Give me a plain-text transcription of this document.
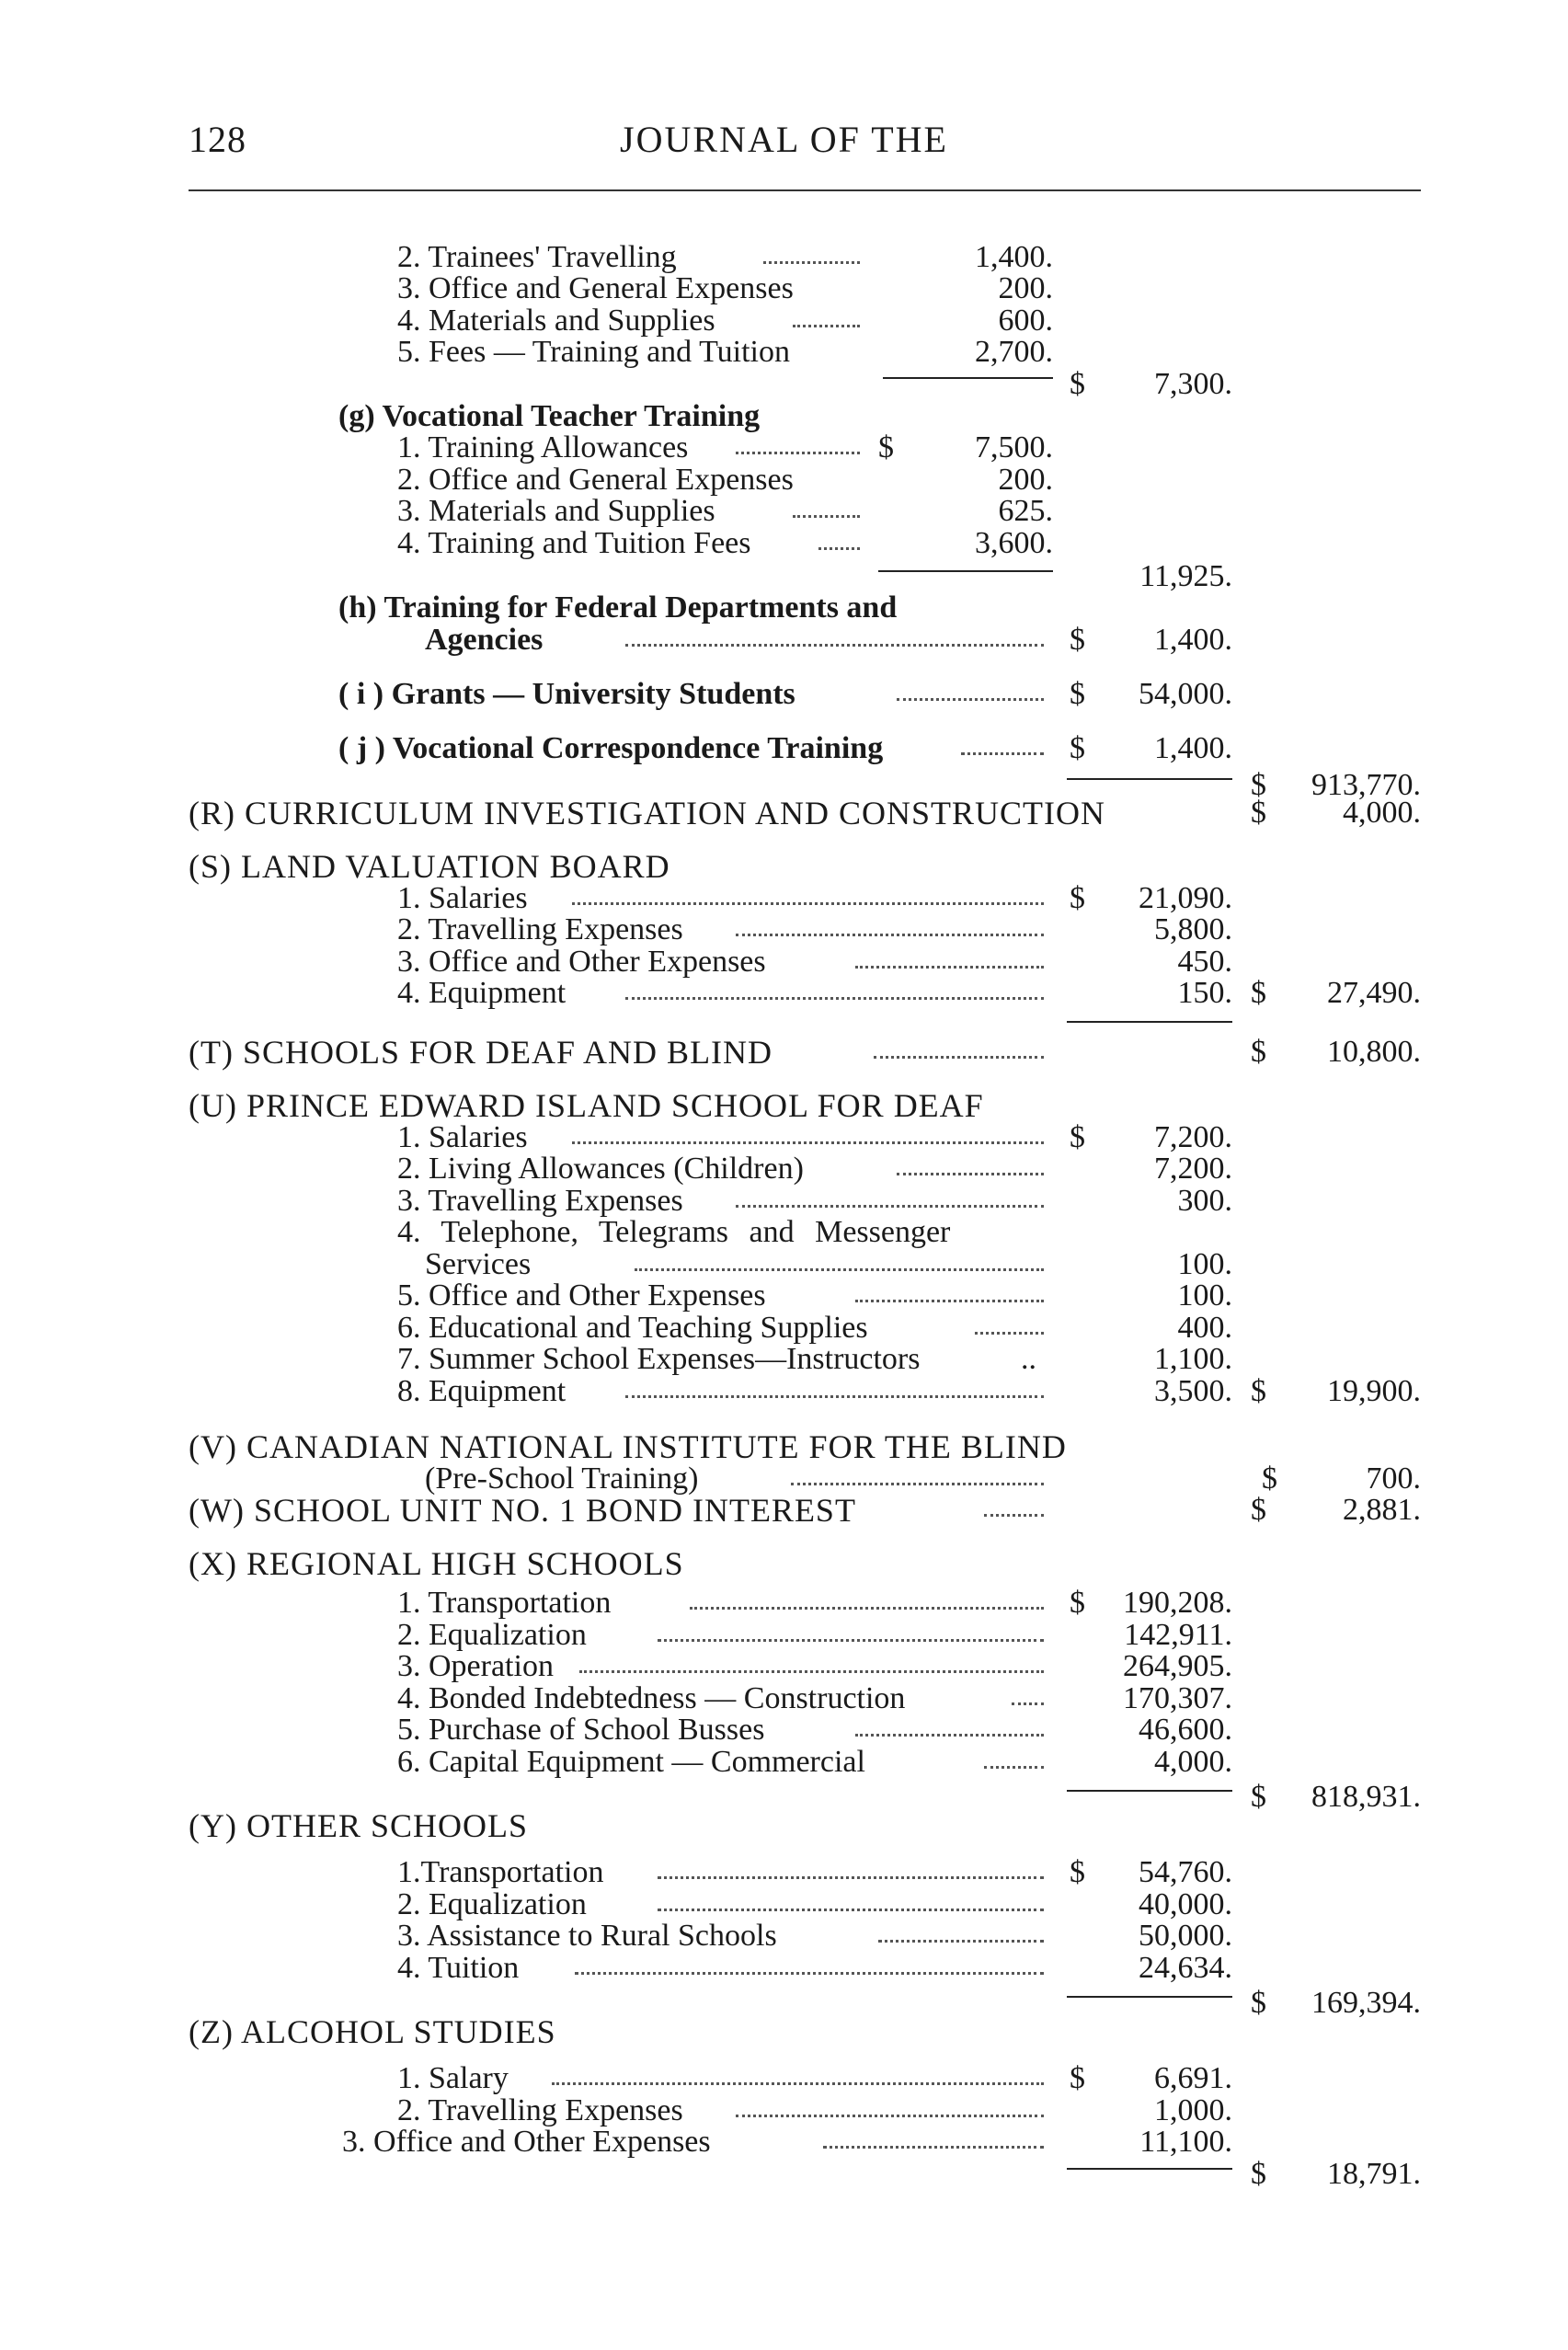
128	JOURNAL OF THE
2. Trainees' Travelling	1,400.
3. Office and General Expenses	200.
4. Materials and Supplies	600.
5. Fees — Training and Tuition	2,700.
$ 7,300.
(g) Vocational Teacher Training
1. Training Allowances	$	7,500.
2. Office and General Expenses	200.
3. Materials and Supplies	625.
4. Training and Tuition Fees	3,600.
11,925.
(h) Training for Federal Departments and
Agencies	$ 1,400.
( i ) Grants — University Students	$ 54,000.
( j ) Vocational Correspondence Training	$ 1,400.
$ 913,770.
(R) CURRICULUM INVESTIGATION AND CONSTRUCTION	$ 4,000.
(S) LAND VALUATION BOARD
1. Salaries	$ 21,090.
2. Travelling Expenses	5,800.
3. Office and Other Expenses	450.
4. Equipment	150. $ 27,490.
(T) SCHOOLS FOR DEAF AND BLIND	$ 10,800.
(U) PRINCE EDWARD ISLAND SCHOOL FOR DEAF
1. Salaries	$ 7,200.
2. Living Allowances (Children)	7,200.
3. Travelling Expenses	300.
4. Telephone, Telegrams and Messenger
Services	100.
5. Office and Other Expenses	100.
6. Educational and Teaching Supplies	400.
7. Summer School Expenses—Instructors	..	1,100.
8. Equipment	3,500. $ 19,900.
(V) CANADIAN NATIONAL INSTITUTE FOR THE BLIND
(Pre-School Training)	$	700.
(W) SCHOOL UNIT NO. 1 BOND INTEREST	$ 2,881.
(X) REGIONAL HIGH SCHOOLS
1. Transportation	$ 190,208.
2. Equalization	142,911.
3. Operation	264,905.
4. Bonded Indebtedness — Construction	170,307.
5. Purchase of School Busses	46,600.
6. Capital Equipment — Commercial	4,000.
$ 818,931.
(Y) OTHER SCHOOLS
1.Transportation	$ 54,760.
2. Equalization	40,000.
3. Assistance to Rural Schools	50,000.
4. Tuition	24,634.
$ 169,394.
(Z) ALCOHOL STUDIES
1. Salary	$ 6,691.
2. Travelling Expenses	1,000.
3. Office and Other Expenses	11,100.
$ 18,791.
